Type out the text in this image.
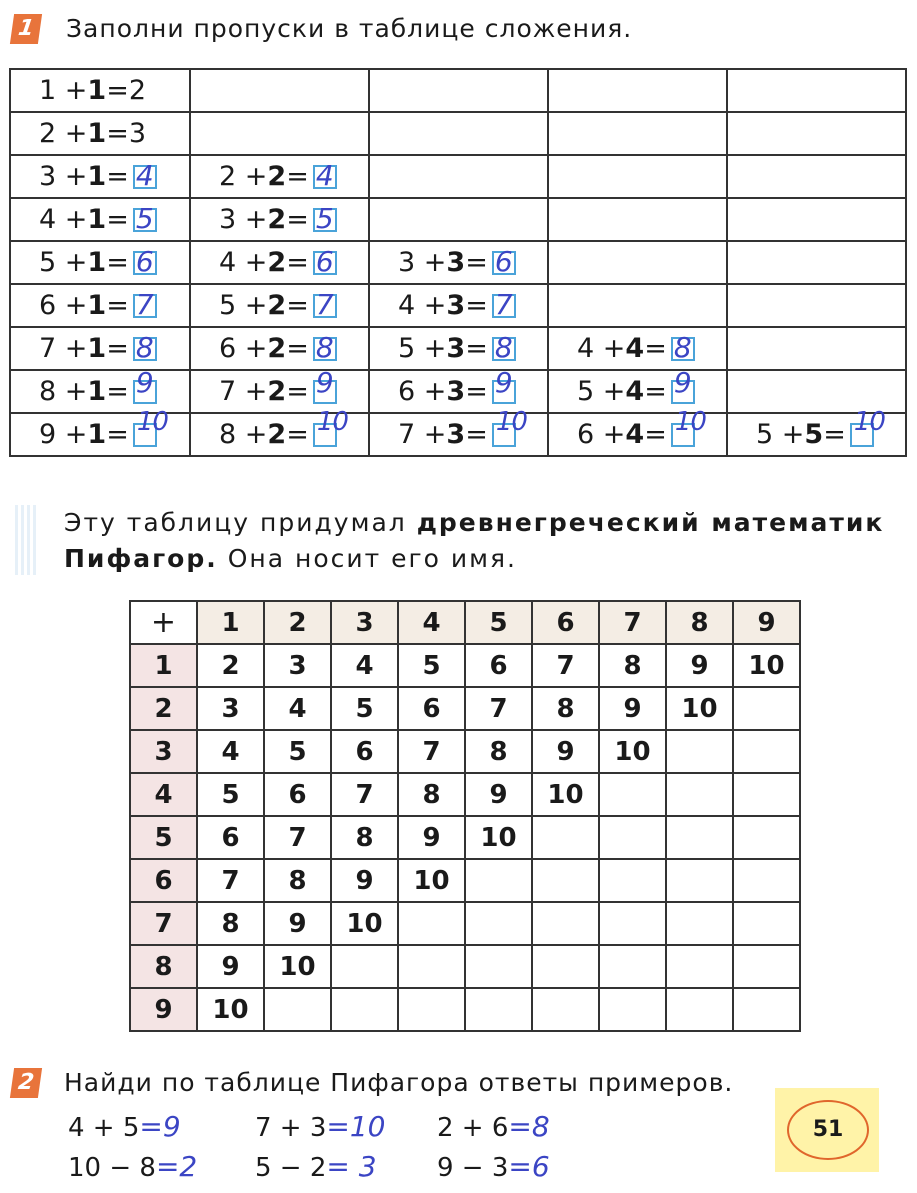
1 Заполни пропуски в таблице сложения.
1 + 1 = 2				

2 + 1 = 3				

3 + 1 = 4	2 + 2 = 4			

4 + 1 = 5	3 + 2 = 5			

5 + 1 = 6	4 + 2 = 6	3 + 3 = 6		

6 + 1 = 7	5 + 2 = 7	4 + 3 = 7		

7 + 1 = 8	6 + 2 = 8	5 + 3 = 8	4 + 4 = 8	

8 + 1 = 9	7 + 2 = 9	6 + 3 = 9	5 + 4 = 9	

9 + 1 = 10	8 + 2 = 10	7 + 3 = 10	6 + 4 = 10	5 + 5 = 10
Эту таблицу придумал древнегреческий математик Пифагор. Она носит его имя.
+	1	2	3	4	5	6	7	8	9
1	2	3	4	5	6	7	8	9	10
2	3	4	5	6	7	8	9	10	
3	4	5	6	7	8	9	10		
4	5	6	7	8	9	10			
5	6	7	8	9	10				
6	7	8	9	10					
7	8	9	10						
8	9	10							
9	10								
2 Найди по таблице Пифагора ответы примеров.
4 + 5=9	7 + 3=10 2 + 6=8
10 − 8=2 5 − 2= 3 9 − 3=6
51
